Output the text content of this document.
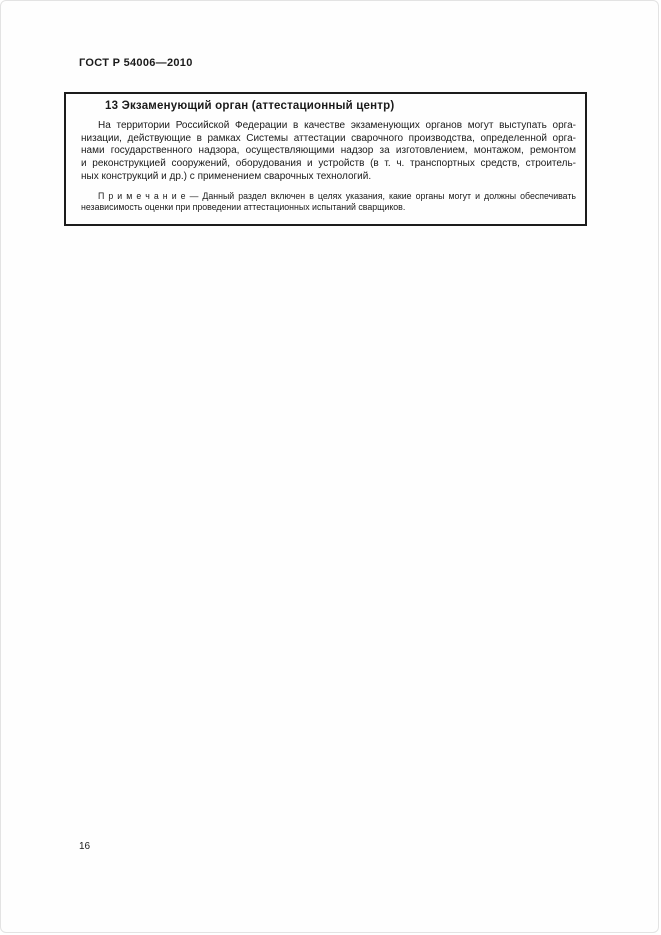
ГОСТ Р 54006—2010
13 Экзаменующий орган (аттестационный центр)
На территории Российской Федерации в качестве экзаменующих органов могут выступать орга-
низации, действующие в рамках Системы аттестации сварочного производства, определенной орга-
нами государственного надзора, осуществляющими надзор за изготовлением, монтажом, ремонтом
и реконструкцией сооружений, оборудования и устройств (в т. ч. транспортных средств, строитель-
ных конструкций и др.) с применением сварочных технологий.
П р и м е ч а н и е — Данный раздел включен в целях указания, какие органы могут и должны обеспечивать
независимость оценки при проведении аттестационных испытаний сварщиков.
16
